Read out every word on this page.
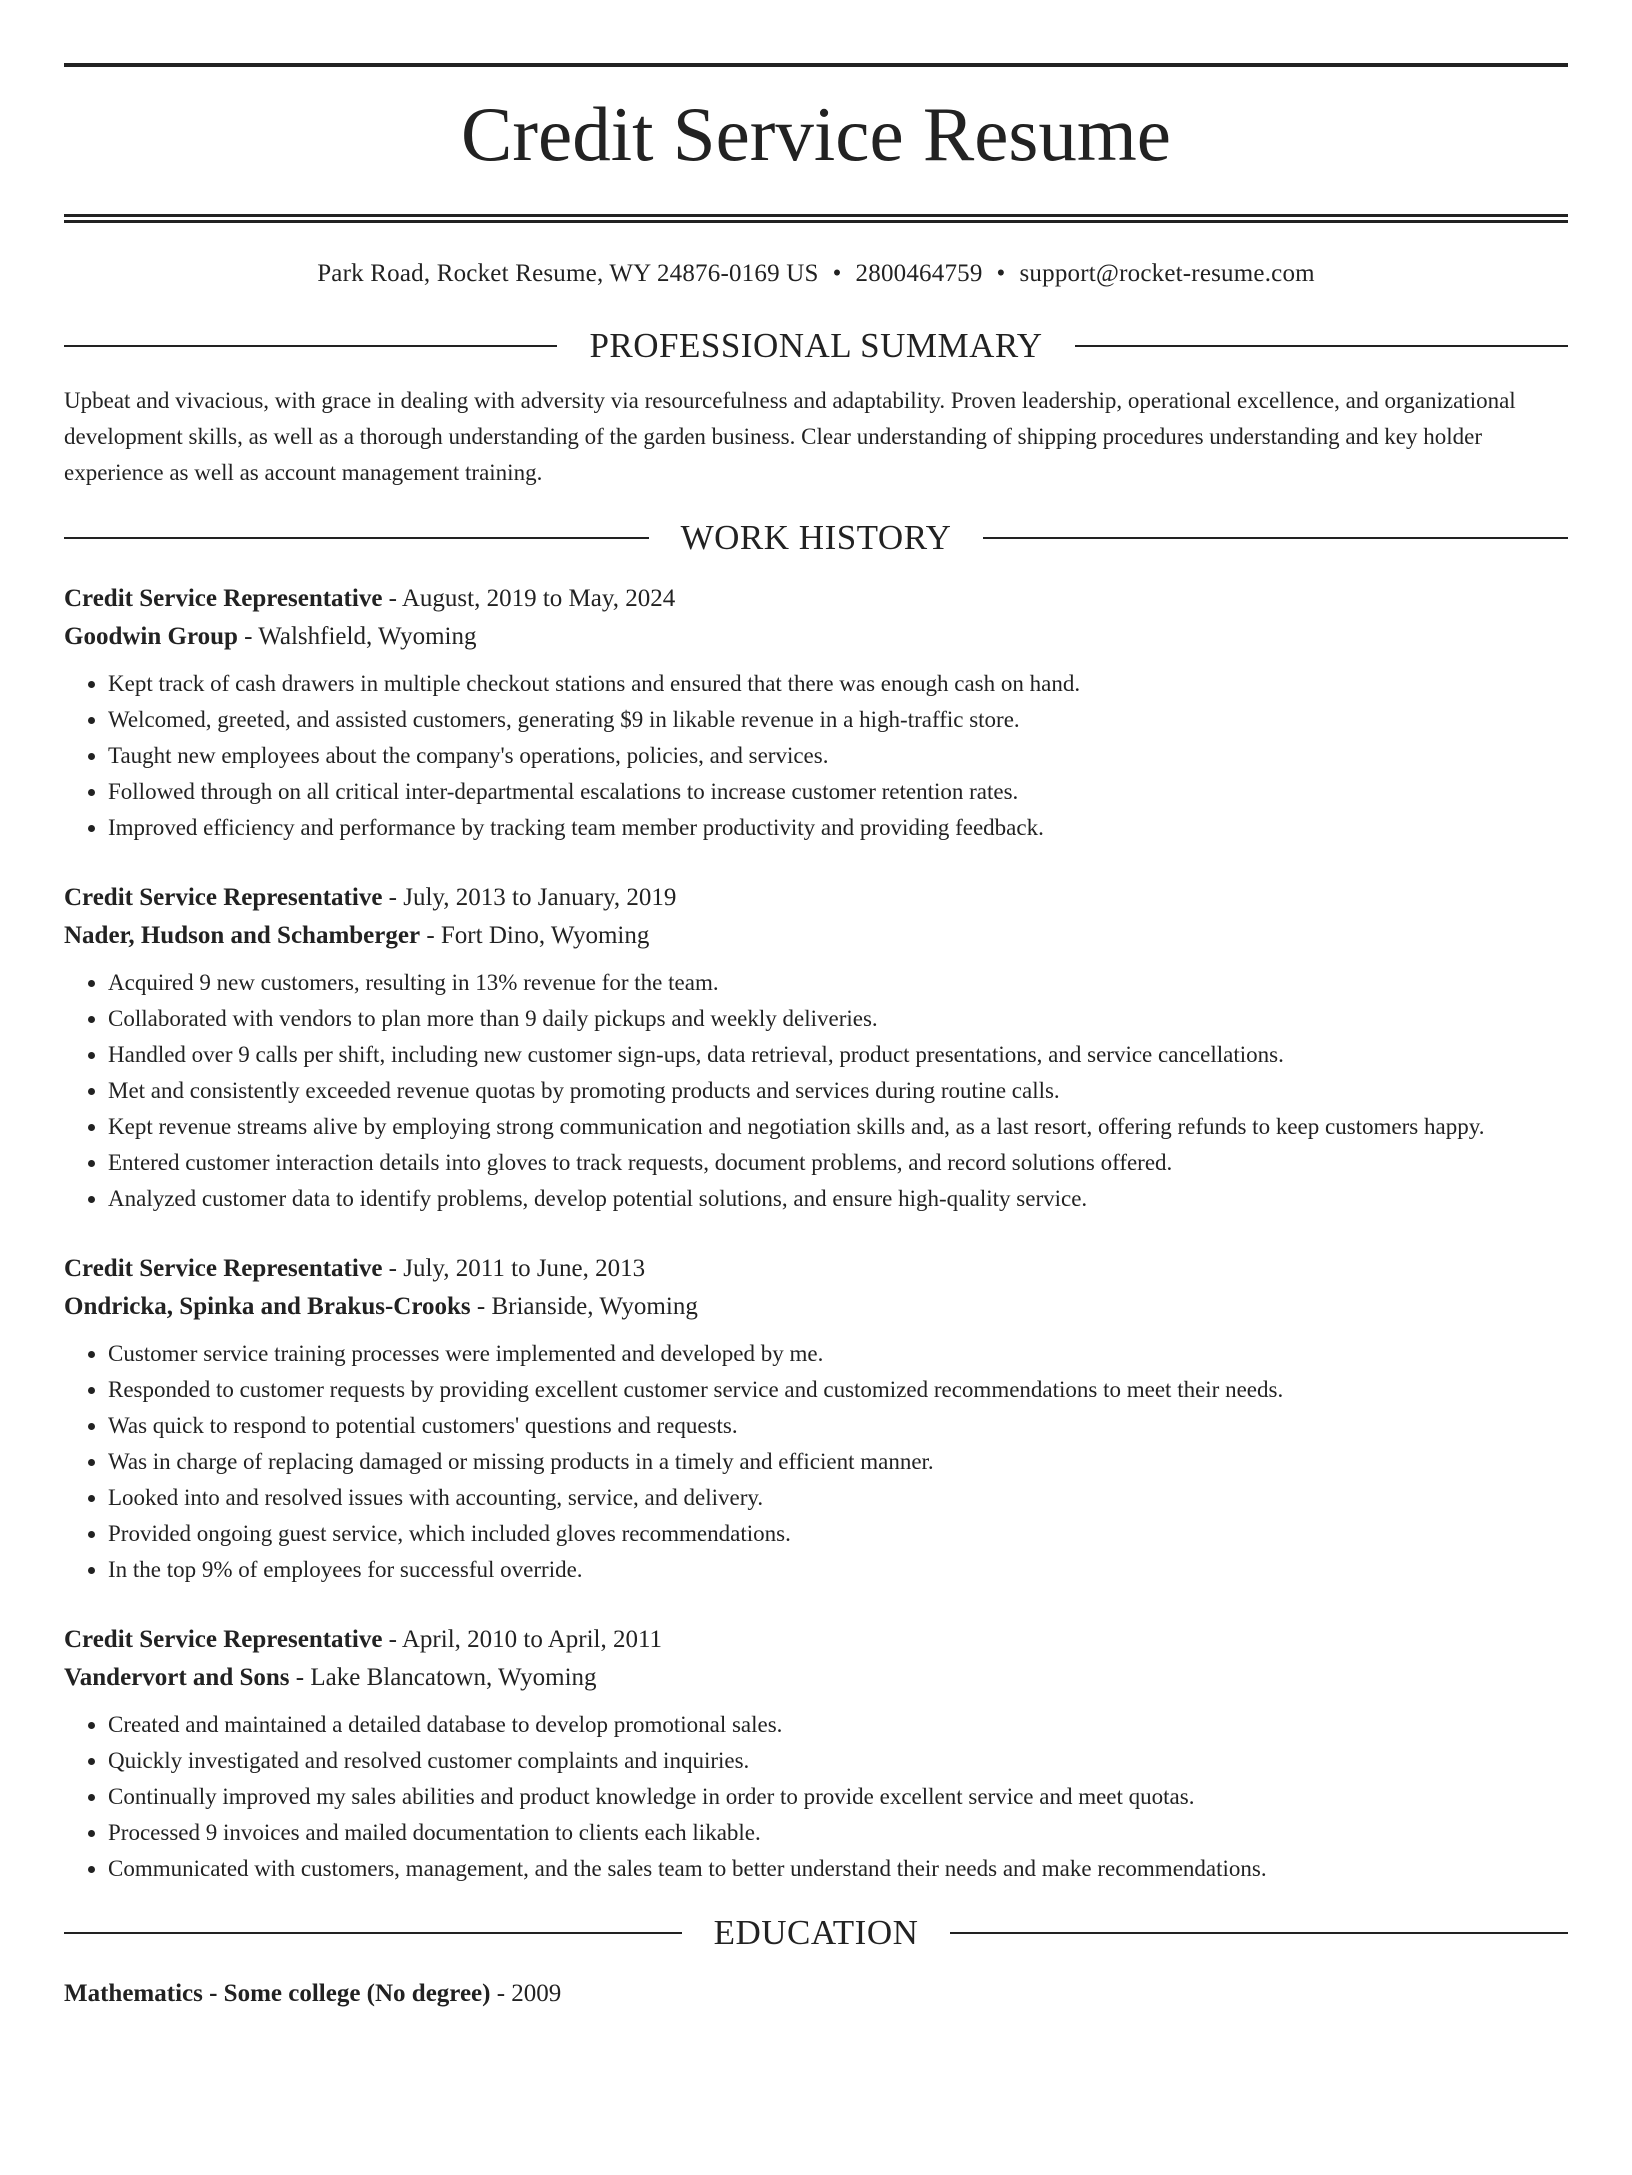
Credit Service Resume
Park Road, Rocket Resume, WY 24876-0169 US • 2800464759 • support@rocket-resume.com
PROFESSIONAL SUMMARY
Upbeat and vivacious, with grace in dealing with adversity via resourcefulness and adaptability. Proven leadership, operational excellence, and organizational development skills, as well as a thorough understanding of the garden business. Clear understanding of shipping procedures understanding and key holder experience as well as account management training.
WORK HISTORY
Credit Service Representative - August, 2019 to May, 2024
Goodwin Group - Walshfield, Wyoming
• Kept track of cash drawers in multiple checkout stations and ensured that there was enough cash on hand.
• Welcomed, greeted, and assisted customers, generating $9 in likable revenue in a high-traffic store.
• Taught new employees about the company's operations, policies, and services.
• Followed through on all critical inter-departmental escalations to increase customer retention rates.
• Improved efficiency and performance by tracking team member productivity and providing feedback.
Credit Service Representative - July, 2013 to January, 2019
Nader, Hudson and Schamberger - Fort Dino, Wyoming
• Acquired 9 new customers, resulting in 13% revenue for the team.
• Collaborated with vendors to plan more than 9 daily pickups and weekly deliveries.
• Handled over 9 calls per shift, including new customer sign-ups, data retrieval, product presentations, and service cancellations.
• Met and consistently exceeded revenue quotas by promoting products and services during routine calls.
• Kept revenue streams alive by employing strong communication and negotiation skills and, as a last resort, offering refunds to keep customers happy.
• Entered customer interaction details into gloves to track requests, document problems, and record solutions offered.
• Analyzed customer data to identify problems, develop potential solutions, and ensure high-quality service.
Credit Service Representative - July, 2011 to June, 2013
Ondricka, Spinka and Brakus-Crooks - Brianside, Wyoming
• Customer service training processes were implemented and developed by me.
• Responded to customer requests by providing excellent customer service and customized recommendations to meet their needs.
• Was quick to respond to potential customers' questions and requests.
• Was in charge of replacing damaged or missing products in a timely and efficient manner.
• Looked into and resolved issues with accounting, service, and delivery.
• Provided ongoing guest service, which included gloves recommendations.
• In the top 9% of employees for successful override.
Credit Service Representative - April, 2010 to April, 2011
Vandervort and Sons - Lake Blancatown, Wyoming
• Created and maintained a detailed database to develop promotional sales.
• Quickly investigated and resolved customer complaints and inquiries.
• Continually improved my sales abilities and product knowledge in order to provide excellent service and meet quotas.
• Processed 9 invoices and mailed documentation to clients each likable.
• Communicated with customers, management, and the sales team to better understand their needs and make recommendations.
EDUCATION
Mathematics - Some college (No degree) - 2009
